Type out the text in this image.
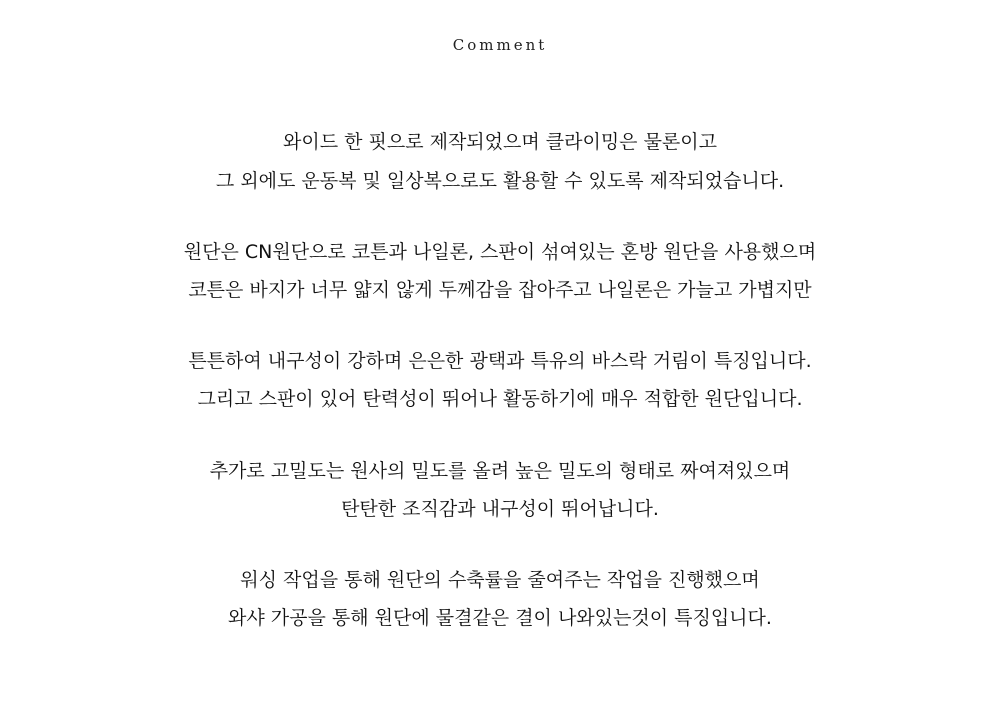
Comment
와이드 한 핏으로 제작되었으며 클라이밍은 물론이고
그 외에도 운동복 및 일상복으로도 활용할 수 있도록 제작되었습니다.
원단은 CN원단으로 코튼과 나일론, 스판이 섞여있는 혼방 원단을 사용했으며
코튼은 바지가 너무 얇지 않게 두께감을 잡아주고 나일론은 가늘고 가볍지만
튼튼하여 내구성이 강하며 은은한 광택과 특유의 바스락 거림이 특징입니다.
그리고 스판이 있어 탄력성이 뛰어나 활동하기에 매우 적합한 원단입니다.
추가로 고밀도는 원사의 밀도를 올려 높은 밀도의 형태로 짜여져있으며
탄탄한 조직감과 내구성이 뛰어납니다.
워싱 작업을 통해 원단의 수축률을 줄여주는 작업을 진행했으며
와샤 가공을 통해 원단에 물결같은 결이 나와있는것이 특징입니다.
